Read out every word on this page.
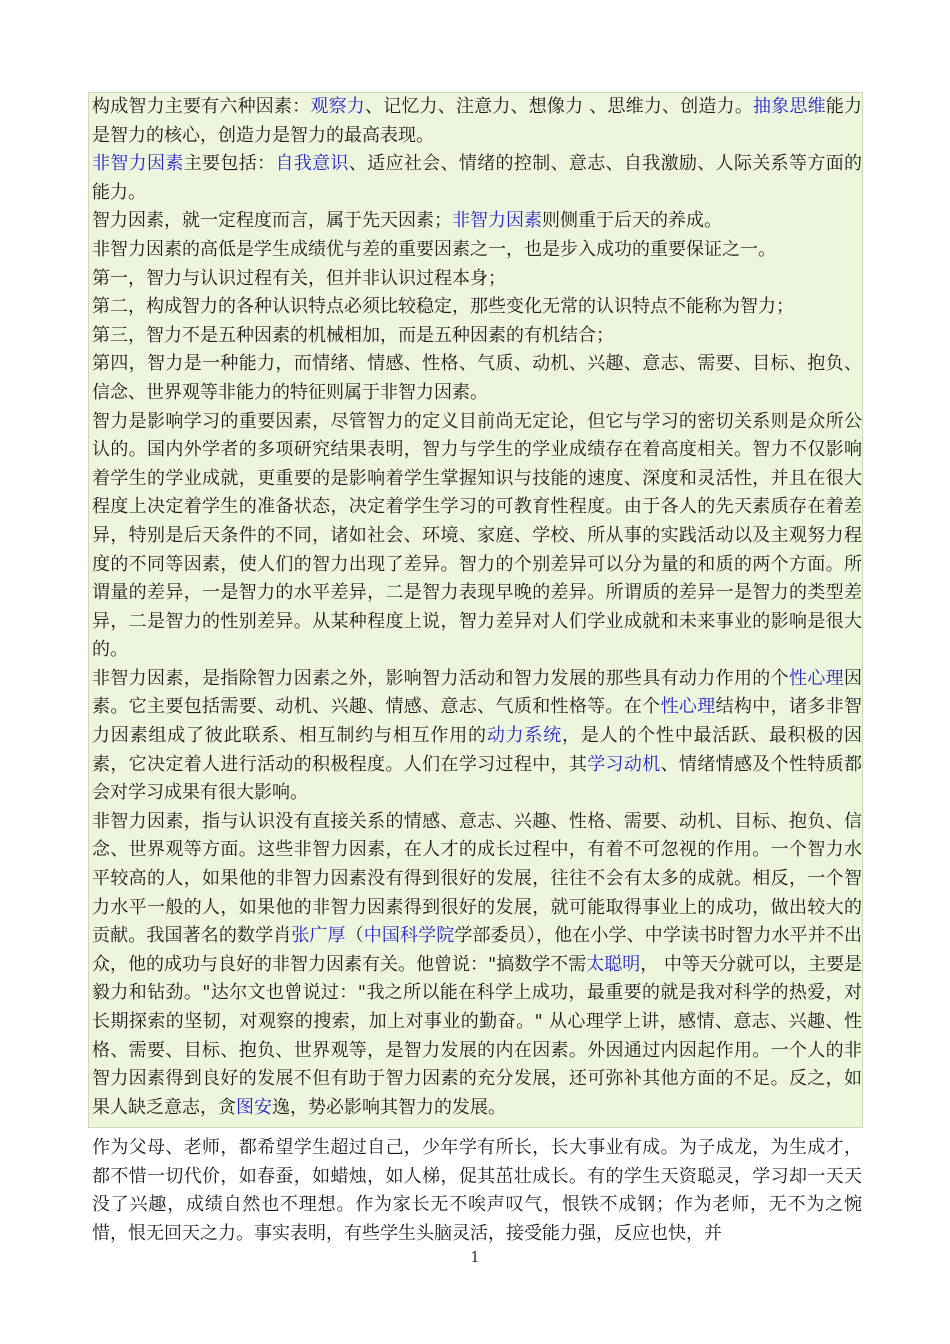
构成智力主要有六种因素：观察力、记忆力、注意力、想像力 、思维力、创造力。抽象思维能力是智力的核心，创造力是智力的最高表现。

非智力因素主要包括：自我意识、适应社会、情绪的控制、意志、自我激励、人际关系等方面的能力。

智力因素，就一定程度而言，属于先天因素；非智力因素则侧重于后天的养成。

非智力因素的高低是学生成绩优与差的重要因素之一，也是步入成功的重要保证之一。

第一，智力与认识过程有关，但并非认识过程本身；

第二，构成智力的各种认识特点必须比较稳定，那些变化无常的认识特点不能称为智力；

第三，智力不是五种因素的机械相加，而是五种因素的有机结合；

第四，智力是一种能力，而情绪、情感、性格、气质、动机、兴趣、意志、需要、目标、抱负、信念、世界观等非能力的特征则属于非智力因素。

智力是影响学习的重要因素，尽管智力的定义目前尚无定论，但它与学习的密切关系则是众所公认的。国内外学者的多项研究结果表明，智力与学生的学业成绩存在着高度相关。智力不仅影响着学生的学业成就，更重要的是影响着学生掌握知识与技能的速度、深度和灵活性，并且在很大程度上决定着学生的准备状态，决定着学生学习的可教育性程度。由于各人的先天素质存在着差异，特别是后天条件的不同，诸如社会、环境、家庭、学校、所从事的实践活动以及主观努力程度的不同等因素，使人们的智力出现了差异。智力的个别差异可以分为量的和质的两个方面。所谓量的差异，一是智力的水平差异，二是智力表现早晚的差异。所谓质的差异一是智力的类型差异，二是智力的性别差异。从某种程度上说，智力差异对人们学业成就和未来事业的影响是很大的。

非智力因素，是指除智力因素之外，影响智力活动和智力发展的那些具有动力作用的个性心理因素。它主要包括需要、动机、兴趣、情感、意志、气质和性格等。在个性心理结构中，诸多非智力因素组成了彼此联系、相互制约与相互作用的动力系统，是人的个性中最活跃、最积极的因素，它决定着人进行活动的积极程度。人们在学习过程中，其学习动机、情绪情感及个性特质都会对学习成果有很大影响。

非智力因素，指与认识没有直接关系的情感、意志、兴趣、性格、需要、动机、目标、抱负、信念、世界观等方面。这些非智力因素，在人才的成长过程中，有着不可忽视的作用。一个智力水平较高的人，如果他的非智力因素没有得到很好的发展，往往不会有太多的成就。相反，一个智力水平一般的人，如果他的非智力因素得到很好的发展，就可能取得事业上的成功，做出较大的贡献。我国著名的数学肖张广厚（中国科学院学部委员），他在小学、中学读书时智力水平并不出众，他的成功与良好的非智力因素有关。他曾说："搞数学不需太聪明， 中等天分就可以，主要是毅力和钻劲。"达尔文也曾说过："我之所以能在科学上成功，最重要的就是我对科学的热爱，对长期探索的坚韧，对观察的搜索，加上对事业的勤奋。" 从心理学上讲，感情、意志、兴趣、性格、需要、目标、抱负、世界观等，是智力发展的内在因素。外因通过内因起作用。一个人的非智力因素得到良好的发展不但有助于智力因素的充分发展，还可弥补其他方面的不足。反之，如果人缺乏意志，贪图安逸，势必影响其智力的发展。

作为父母、老师，都希望学生超过自己，少年学有所长，长大事业有成。为子成龙，为生成才，都不惜一切代价，如春蚕，如蜡烛，如人梯，促其茁壮成长。有的学生天资聪灵，学习却一天天没了兴趣，成绩自然也不理想。作为家长无不唉声叹气，恨铁不成钢；作为老师，无不为之惋惜，恨无回天之力。事实表明，有些学生头脑灵活，接受能力强，反应也快，并

1
